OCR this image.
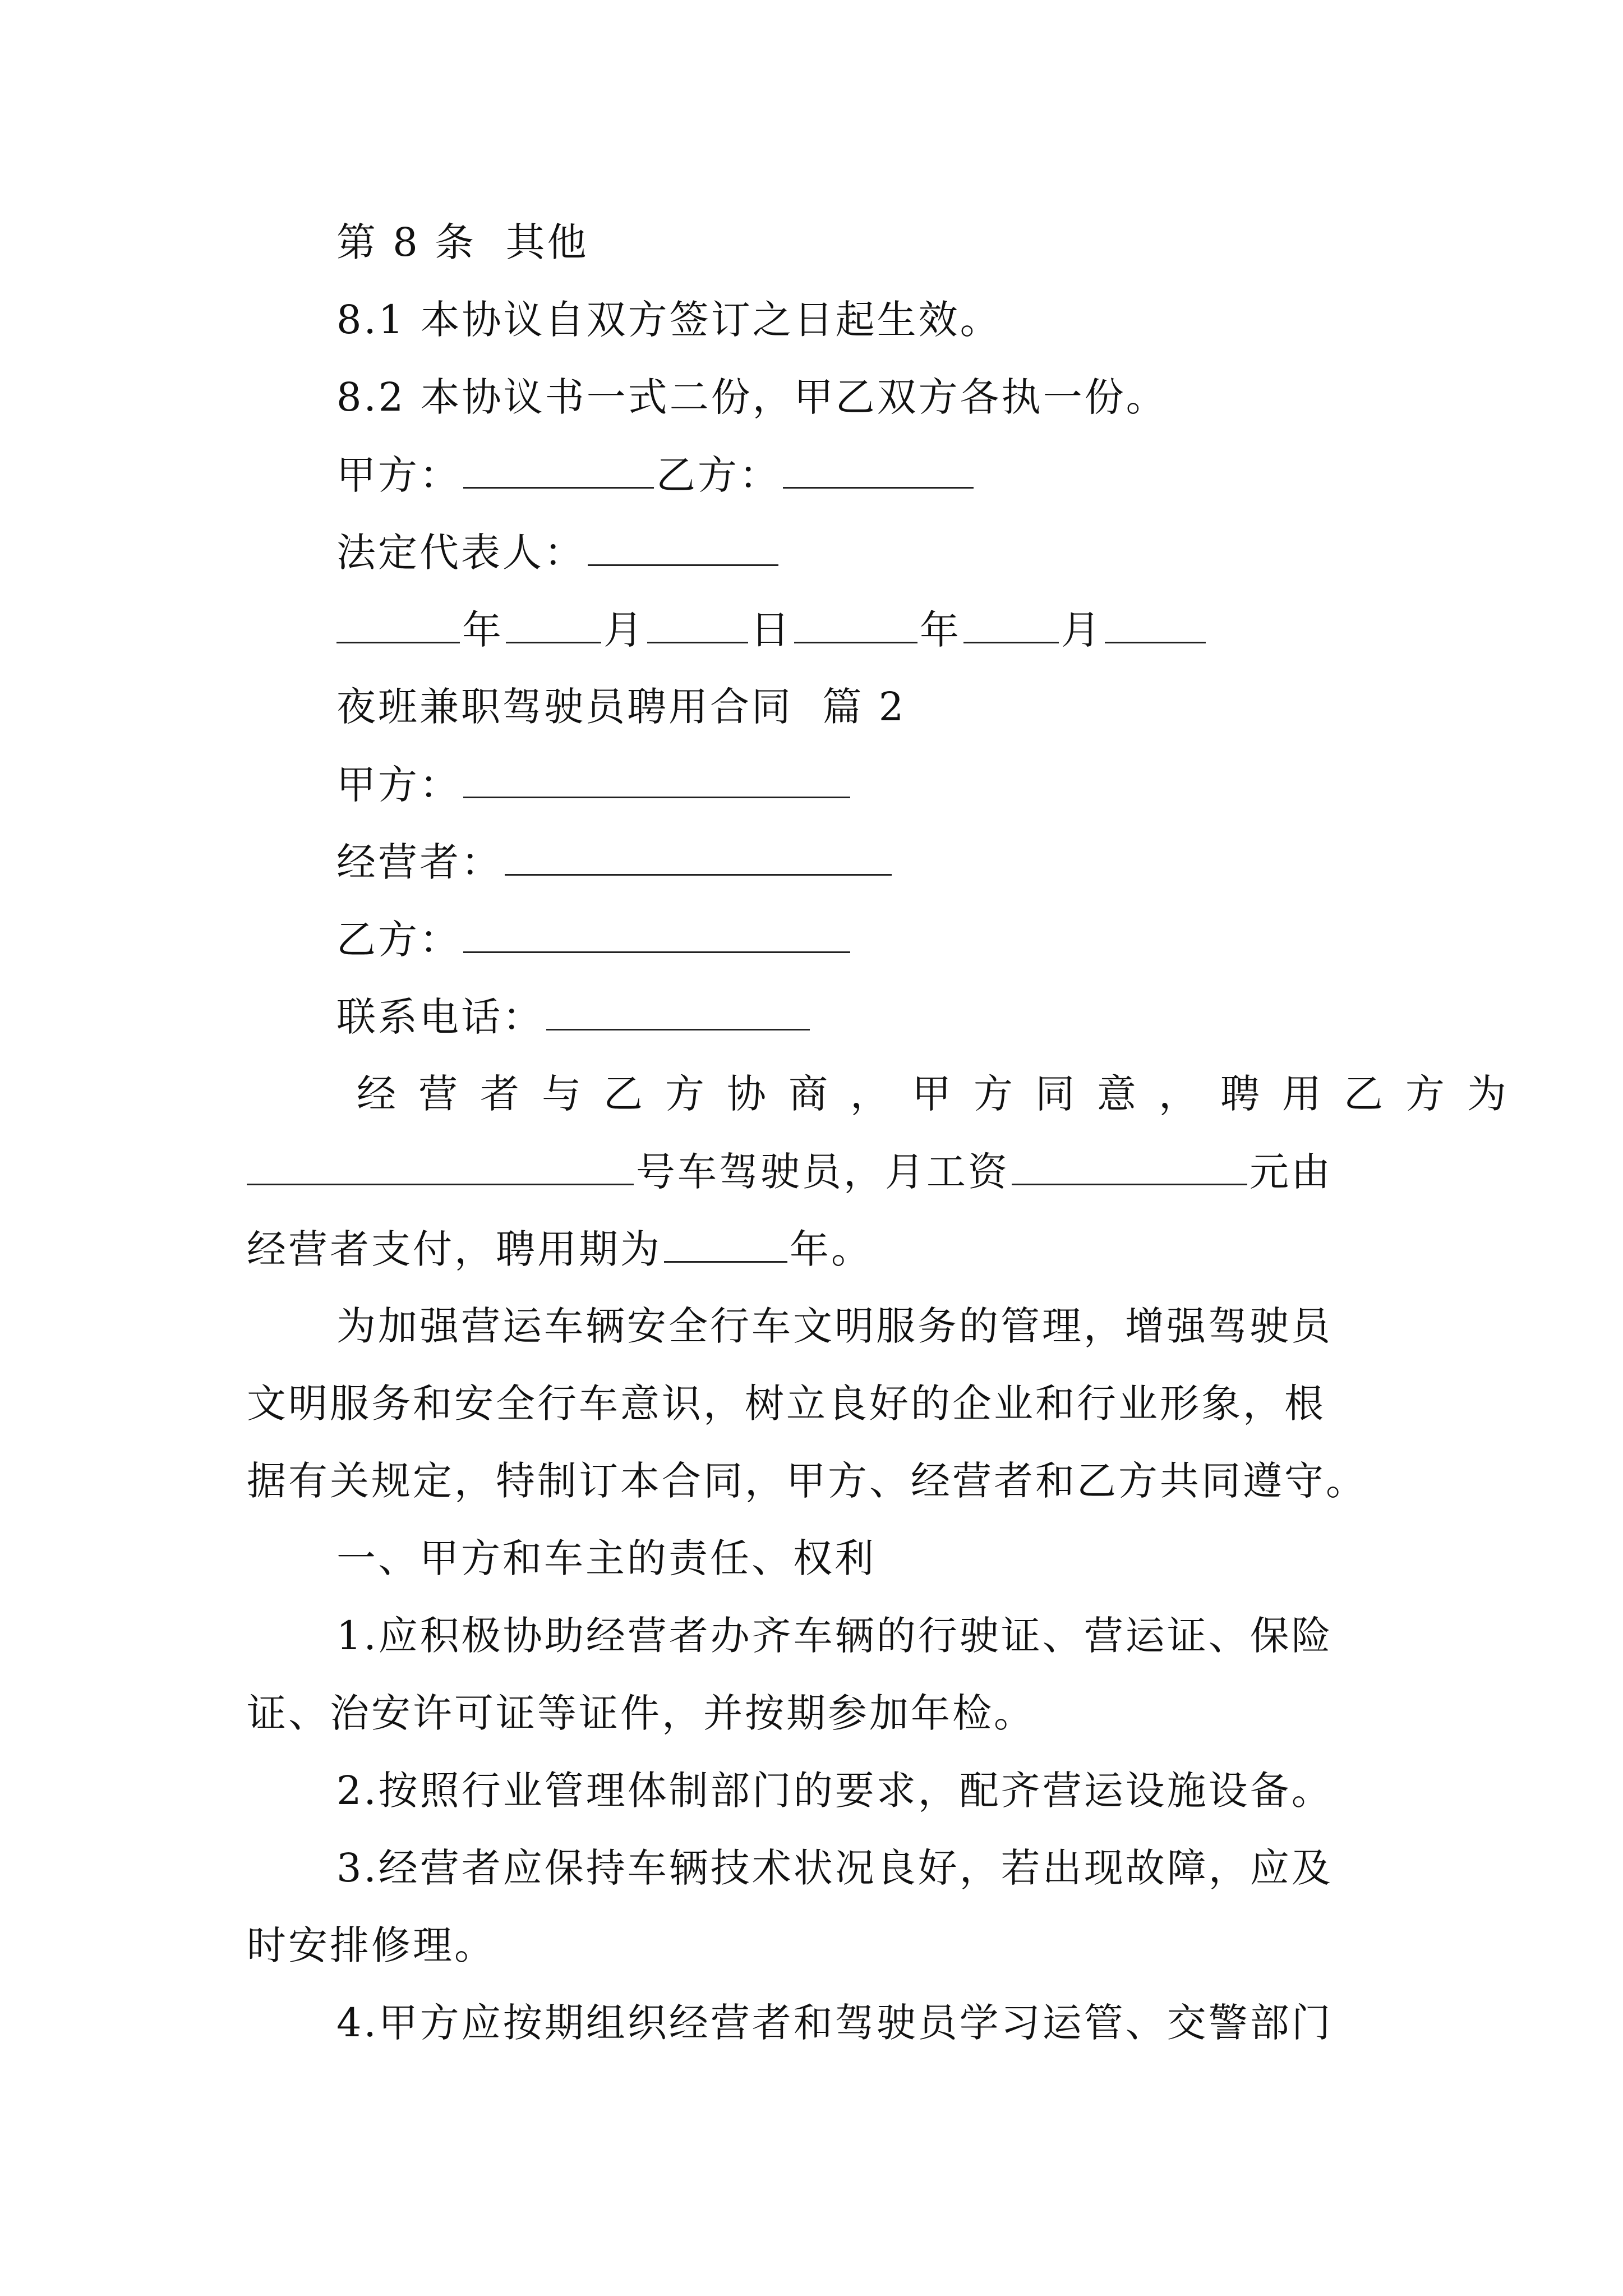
第 8 条  其他
8.1 本协议自双方签订之日起生效。
8.2 本协议书一式二份，甲乙双方各执一份。
甲方：	乙方：
法定代表人：
年	月	日	年	月
夜班兼职驾驶员聘用合同  篇 2
甲方：
经营者：
乙方：
联系电话：
经营者与乙方协商，甲方同意，聘用乙方为
号车驾驶员，月工资	元由
经营者支付，聘用期为	年。
为加强营运车辆安全行车文明服务的管理，增强驾驶员
文明服务和安全行车意识，树立良好的企业和行业形象，根
据有关规定，特制订本合同，甲方、经营者和乙方共同遵守。
一、甲方和车主的责任、权利
1.应积极协助经营者办齐车辆的行驶证、营运证、保险
证、治安许可证等证件，并按期参加年检。
2.按照行业管理体制部门的要求，配齐营运设施设备。
3.经营者应保持车辆技术状况良好，若出现故障，应及
时安排修理。
4.甲方应按期组织经营者和驾驶员学习运管、交警部门
